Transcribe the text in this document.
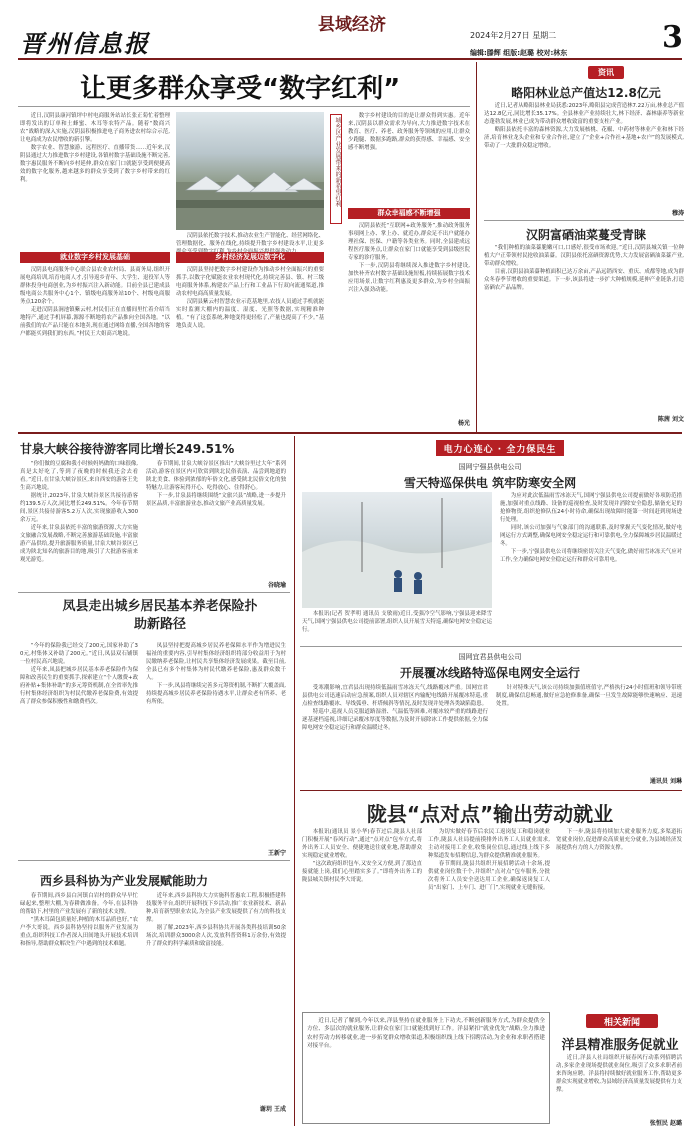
晋州信息报
县域经济
2024年2月27日 星期二	3
编辑:滕辉 组版:赵璐 校对:林东
让更多群众享受“数字红利”

近日,汉阴县康河镇坪中村电商服务站站长张正菊忙着整理即将发出的订单和土蜂蜜、木耳等农特产品。随着“数商兴农”战略的深入实施,汉阴县积极推进电子商务进农村综合示范,让电商成为农民增收的新引擎。

数字农业、智慧旅游、远程医疗、直播带货……近年来,汉阴县通过大力推进数字乡村建设,各镇村数字基础设施不断完善,数字惠民服务不断向乡村延伸,群众在家门口就能享受到便捷高效的数字化服务,越来越多的群众享受到了数字乡村带来的红利。

就业数字乡村发展基础

汉阴县电商服务中心联合县农业农村局、县商务局,组织开展电商培训,培育电商人才,引导返乡青年、大学生、退役军人等群体投身电商创业,为乡村振兴注入新动能。目前全县已建成县级电商公共服务中心1个、镇级电商服务站10个、村级电商服务点120余个。

走进汉阴县涧池镇紫云村,村民们正在直播间里忙着介绍当地特产,通过手机屏幕,源源不断地将农产品推向全国各地。“以前我们的农产品只能在本地卖,现在通过网络直播,全国各地的客户都能买到我们的东西。”村民王大姐高兴地说。

汉阴县依托数字技术,推动农业生产智能化、经营网络化、管理数据化、服务在线化,持续提升数字乡村建设水平,让更多

乡村经济发展迈数字化

汉阴县坚持把数字乡村建设作为推动乡村全面振兴的重要抓手,以数字化赋能农业农村现代化,持续完善县、镇、村三级电商服务体系,构建农产品上行和工业品下行双向流通渠道,推动农村电商高质量发展。

汉阴县紫云村智慧农业示范基地里,农技人员通过手机就能实时监测大棚内的温度、湿度、光照等数据,实现精准种植。“有了这套系统,种地变得更轻松了,产量也提高了不少。”基地负责人说。

城乡区产业发展带来的新希望红利

数字乡村建设的目的是让群众得到实惠。近年来,汉阴县以群众需求为导向,大力推进数字技术在教育、医疗、养老、政务服务等领域的应用,让群众少跑腿、数据多跑路,群众的获得感、幸福感、安全感不断增强。

群众幸福感不断增强

汉阴县依托“互联网+政务服务”,推动政务服务事项网上办、掌上办、就近办,群众足不出户就能办理社保、医保、户籍等各类业务。同时,全县建成远程医疗服务点,让群众在家门口就能享受到县级医院专家的诊疗服务。

下一步,汉阴县将继续深入推进数字乡村建设,加快补齐农村数字基础设施短板,持续拓展数字技术应用场景,让数字红利惠及更多群众,为乡村全面振兴注入强劲动能。

杨光
资讯
略阳林业总产值达12.8亿元

近日,记者从略阳县林业局获悉:2023年,略阳县完成营造林7.22万亩,林业总产值达12.8亿元,同比增长35.17%。全县林业产业持续壮大,林下经济、森林康养等新业态蓬勃发展,林业已成为带动群众增收致富的重要支柱产业。

略阳县依托丰富的森林资源,大力发展核桃、花椒、中药材等林业产业和林下经济,培育林业龙头企业和专业合作社,建立了“企业+合作社+基地+农户”的发展模式,带动了一大批群众稳定增收。

穆涛
汉阴富硒油菜蔓受青睐

“我们种植的油菜薹脆嫩可口,口感好,很受市场欢迎。”近日,汉阴县城关镇一位种植大户正带领村民抢收油菜薹。汉阴县依托富硒资源优势,大力发展富硒油菜薹产业,带动群众增收。

目前,汉阴县油菜薹种植面积已达万余亩,产品远销西安、重庆、成都等地,成为群众冬春季节增收的重要渠道。下一步,该县将进一步扩大种植规模,延伸产业链条,打造富硒农产品品牌。

陈茜 刘文
甘泉大峡谷接待游客同比增长249.51%

“你们做的豆腐和我小时候妈妈做的口味很像,真是太好吃了,等到了夜晚的时候我还会去看看。”近日,在甘泉大峡谷景区,来自西安的游客王先生高兴地说。

据统计,2023年,甘泉大峡谷景区共接待游客约139.5万人次,同比增长249.51%。今年春节期间,景区共接待游客5.2万人次,实现旅游收入300余万元。

近年来,甘泉县依托丰富的旅游资源,大力实施文旅融合发展战略,不断完善旅游基础设施,丰富旅游产品供给,提升旅游服务质量,甘泉大峡谷景区已成为陕北知名的旅游目的地,吸引了大批游客前来观光游览。

春节期间,甘泉大峡谷景区推出“大峡谷里过大年”系列活动,游客在景区内可欣赏到陕北民俗表演、品尝到地道的陕北美食、体验到浓郁的年俗文化,感受陕北民俗文化的独特魅力,让游客玩得开心、吃得放心、住得舒心。

下一步,甘泉县将继续围绕“文旅兴县”战略,进一步提升景区品质,丰富旅游业态,推动文旅产业高质量发展。

谷晓瑜
凤县走出城乡居民基本养老保险扑助新路径

“今年的保险我已经交了200元,国家补助了30元,村集体又补助了200元。”近日,凤县双石铺镇一位村民高兴地说。

近年来,凤县把城乡居民基本养老保险作为保障和改善民生的重要抓手,探索建立“个人缴费+政府补贴+集体补助”的多元筹资机制,在全省率先推行村集体经济组织为村民代缴养老保险费,有效提高了群众参保积极性和缴费档次。

凤县坚持把提高城乡居民养老保障水平作为增进民生福祉的重要内容,引导村集体经济组织将部分收益用于为村民缴纳养老保险,让村民共享集体经济发展成果。截至目前,全县已有多个村集体为村民代缴养老保险,惠及群众数千人。

下一步,凤县将继续完善多元筹资机制,不断扩大覆盖面,持续提高城乡居民养老保险待遇水平,让群众老有所养、老有所依。

王新宁
西乡县科协为产业发展赋能助力

春节期间,西乡县白河镇白岩村的群众早早忙碌起来,整理大棚,为春耕做准备。今年,在县科协的帮助下,村里的产业发展有了新的技术支撑。

“黑木耳菌包质量好,种植的木耳品质也好。”农户李大哥说。西乡县科协坚持以服务产业发展为重点,组织科技工作者深入田间地头开展技术培训和指导,帮助群众解决生产中遇到的技术难题。

近年来,西乡县科协大力实施科普惠农工程,积极搭建科技服务平台,组织开展科技下乡活动,推广农业新技术、新品种,培育新型职业农民,为全县产业发展提供了有力的科技支撑。

据了解,2023年,西乡县科协共开展各类科技培训50余场次,培训群众3000余人次,发放科普资料1万余份,有效提升了群众的科学素质和致富技能。

谢玥 王成
电力心连心 · 全力保民生
国网宁强县供电公司
雪天特巡保供电 筑牢防寒安全网

本报讯(记者 贺孝明 通讯员 支敏雨)近日,受强冷空气影响,宁强县迎来降雪天气,国网宁强县供电公司提前部署,组织人员开展雪天特巡,确保电网安全稳定运行。

为应对此次低温雨雪冰冻天气,国网宁强县供电公司提前做好各项防范措施,加强对重点线路、设备的巡视检查,及时发现并消除安全隐患,储备充足的抢修物资,组织抢修队伍24小时待命,确保出现故障时能第一时间赶到现场进行处理。

同时,该公司加强与气象部门的沟通联系,及时掌握天气变化情况,做好电网运行方式调整,确保电网安全稳定运行和可靠供电,全力保障城乡居民温暖过冬。

下一步,宁强县供电公司将继续密切关注天气变化,做好雨雪冰冻天气应对工作,全力确保电网安全稳定运行和群众可靠用电。

国网宜君县供电公司
开展覆冰线路特巡保电网安全运行

受寒潮影响,宜君县出现持续低温雨雪冰冻天气,线路覆冰严重。国网宜君县供电公司迅速启动应急预案,组织人员对辖区内输配电线路开展覆冰特巡,重点检查线路覆冰、导线弧垂、杆塔倾斜等情况,及时发现并处理各类缺陷隐患。

特巡中,巡视人员克服道路湿滑、气温低等困难,对覆冰较严重的线路进行逐基逐档巡视,详细记录覆冰厚度等数据,为及时开展除冰工作提供依据,全力保障电网安全稳定运行和群众温暖过冬。

针对特殊天气,该公司持续加强值班值守,严格执行24小时值班和领导带班制度,确保信息畅通,做好应急抢修准备,确保一旦发生故障能够快速响应、迅速处置。

通讯员 刘琳
陇县“点对点”输出劳动就业

本报讯(通讯员 景小华)春节过后,陇县人社部门积极开展“春风行动”,通过“点对点”包车方式,将外出务工人员安全、便捷地送往就业地,帮助群众实现稳定就业增收。

“这次政府组织包车,又安全又方便,到了那边直接就能上岗,我们心里踏实多了。”即将外出务工的陇县城关镇村民李大哥说。

为切实做好春节后农民工返岗复工和稳岗就业工作,陇县人社局提前摸排外出务工人员就业需求,主动对接用工企业,收集岗位信息,通过线上线下多种渠道发布招聘信息,为群众提供精准就业服务。

春节期间,陇县共组织开展招聘活动十余场,提供就业岗位数千个,并组织“点对点”包车服务,分批次将务工人员安全送达用工企业,确保返岗复工人员“出家门、上车门、进厂门”,实现就业无缝衔接。

下一步,陇县将持续加大就业服务力度,多渠道拓宽就业岗位,促进群众高质量充分就业,为县域经济发展提供有力的人力资源支撑。

近日,记者了解到,今年以来,洋县坚持在就业服务上下功夫,不断创新服务方式,为群众提供全方位、多层次的就业服务,让群众在家门口就能找到好工作。洋县紧扣“就业优先”战略,全力推进农村劳动力转移就业,进一步拓宽群众增收渠道,积极组织线上线下招聘活动,为企业和求职者搭建对接平台。

相关新闻
洋县精准服务促就业

近日,洋县人社局组织开展春风行动系列招聘活动,多家企业现场提供就业岗位,吸引了众多求职者前来咨询应聘。洋县将持续做好就业服务工作,帮助更多群众实现就业增收,为县域经济高质量发展提供有力支撑。

张恒民 赵璐
